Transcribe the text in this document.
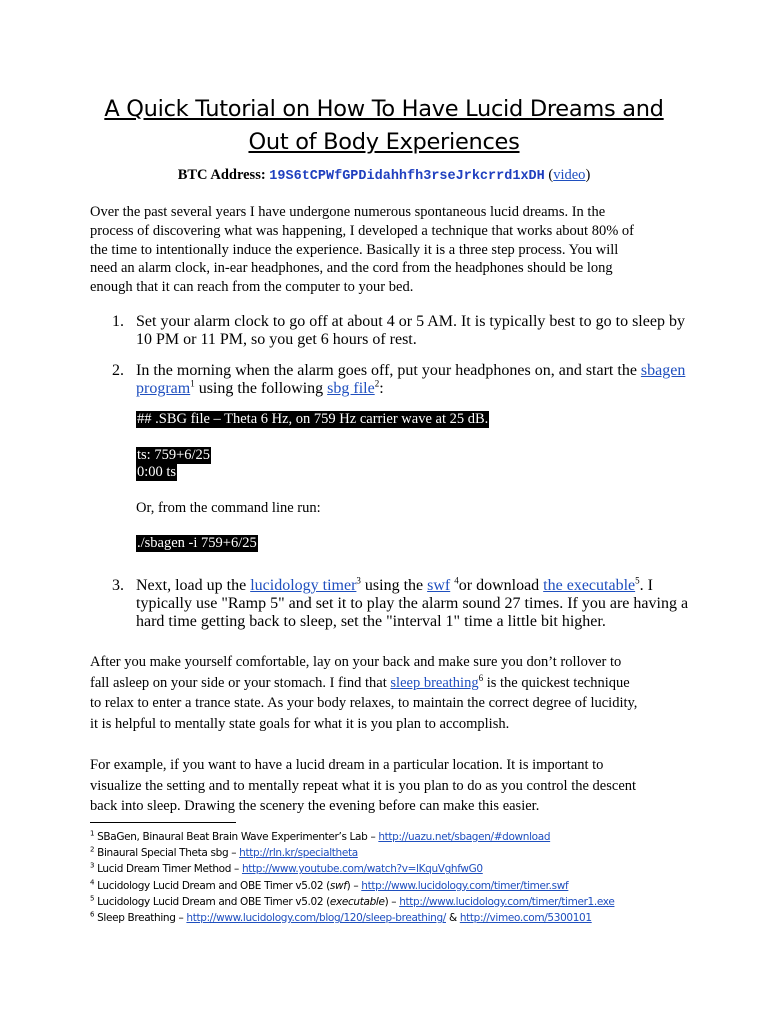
A Quick Tutorial on How To Have Lucid Dreams and
Out of Body Experiences
BTC Address: 19S6tCPWfGPDidahhfh3rseJrkcrrd1xDH (video)
Over the past several years I have undergone numerous spontaneous lucid dreams. In the
process of discovering what was happening, I developed a technique that works about 80% of
the time to intentionally induce the experience. Basically it is a three step process. You will
need an alarm clock, in-ear headphones, and the cord from the headphones should be long
enough that it can reach from the computer to your bed.
1. Set your alarm clock to go off at about 4 or 5 AM. It is typically best to go to sleep by
10 PM or 11 PM, so you get 6 hours of rest.
2. In the morning when the alarm goes off, put your headphones on, and start the sbagen
program$^1$ using the following sbg file$^2$:
## .SBG file – Theta 6 Hz, on 759 Hz carrier wave at 25 dB.
ts: 759+6/25
0:00 ts
Or, from the command line run:
./sbagen -i 759+6/25
3. Next, load up the lucidology timer$^3$ using the swf $^4$or download the executable$^5$. I
typically use "Ramp 5" and set it to play the alarm sound 27 times. If you are having a
hard time getting back to sleep, set the "interval 1" time a little bit higher.
After you make yourself comfortable, lay on your back and make sure you don’t rollover to
fall asleep on your side or your stomach. I find that sleep breathing$^6$ is the quickest technique
to relax to enter a trance state. As your body relaxes, to maintain the correct degree of lucidity,
it is helpful to mentally state goals for what it is you plan to accomplish.
For example, if you want to have a lucid dream in a particular location. It is important to
visualize the setting and to mentally repeat what it is you plan to do as you control the descent
back into sleep. Drawing the scenery the evening before can make this easier.
$^1$ SBaGen, Binaural Beat Brain Wave Experimenter’s Lab – http://uazu.net/sbagen/#download
$^2$ Binaural Special Theta sbg – http://rln.kr/specialtheta
$^3$ Lucid Dream Timer Method – http://www.youtube.com/watch?v=lKquVghfwG0
$^4$ Lucidology Lucid Dream and OBE Timer v5.02 (swf) – http://www.lucidology.com/timer/timer.swf
$^5$ Lucidology Lucid Dream and OBE Timer v5.02 (executable) – http://www.lucidology.com/timer/timer1.exe
$^6$ Sleep Breathing – http://www.lucidology.com/blog/120/sleep-breathing/ & http://vimeo.com/5300101
